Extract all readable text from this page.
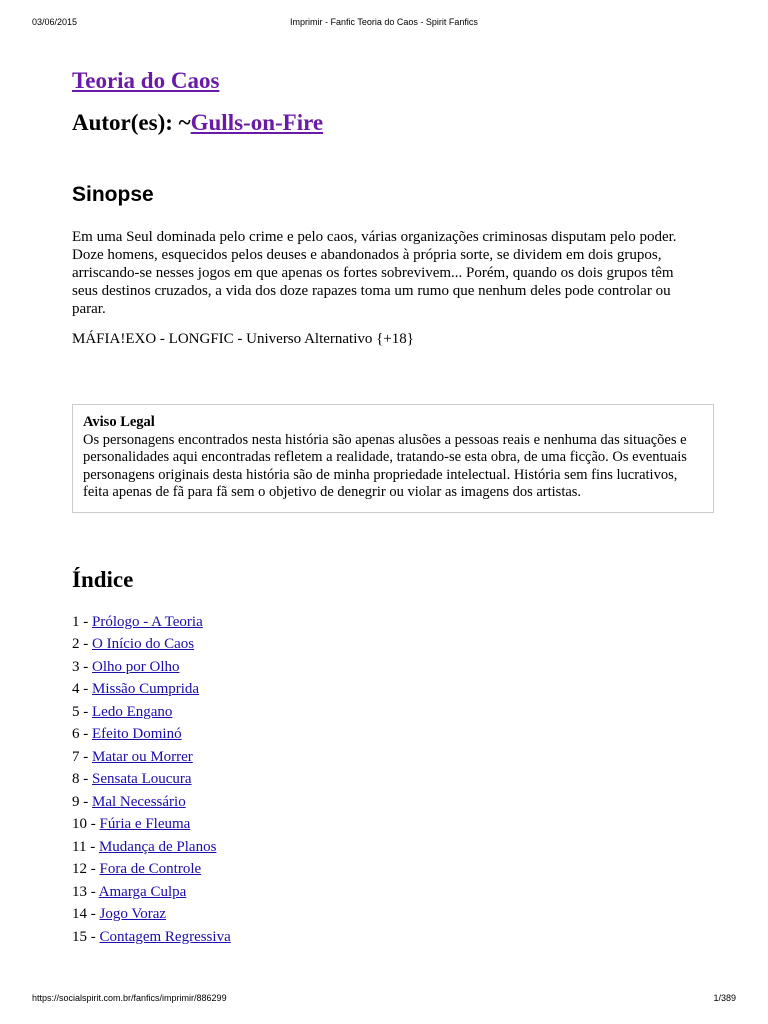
03/06/2015	Imprimir - Fanfic Teoria do Caos - Spirit Fanfics
Teoria do Caos
Autor(es): ~Gulls-on-Fire
Sinopse

Em uma Seul dominada pelo crime e pelo caos, várias organizações criminosas disputam pelo poder. Doze homens, esquecidos pelos deuses e abandonados à própria sorte, se dividem em dois grupos, arriscando-se nesses jogos em que apenas os fortes sobrevivem... Porém, quando os dois grupos têm seus destinos cruzados, a vida dos doze rapazes toma um rumo que nenhum deles pode controlar ou parar.

MÁFIA!EXO - LONGFIC - Universo Alternativo {+18}

Aviso Legal
Os personagens encontrados nesta história são apenas alusões a pessoas reais e nenhuma das situações e personalidades aqui encontradas refletem a realidade, tratando-se esta obra, de uma ficção. Os eventuais personagens originais desta história são de minha propriedade intelectual. História sem fins lucrativos, feita apenas de fã para fã sem o objetivo de denegrir ou violar as imagens dos artistas.
Índice
1 - Prólogo - A Teoria
2 - O Início do Caos
3 - Olho por Olho
4 - Missão Cumprida
5 - Ledo Engano
6 - Efeito Dominó
7 - Matar ou Morrer
8 - Sensata Loucura
9 - Mal Necessário
10 - Fúria e Fleuma
11 - Mudança de Planos
12 - Fora de Controle
13 - Amarga Culpa
14 - Jogo Voraz
15 - Contagem Regressiva
https://socialspirit.com.br/fanfics/imprimir/886299	1/389
